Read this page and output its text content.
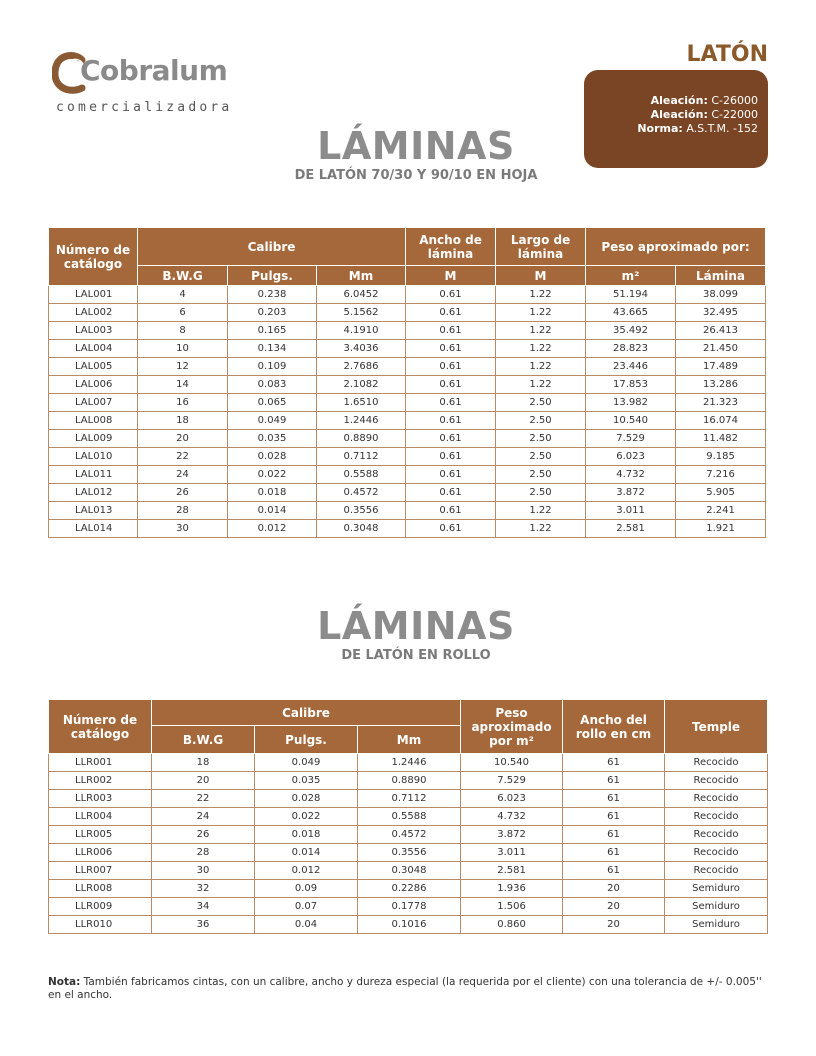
Cobralum
comercializadora
LATÓN
Aleación: C-26000
Aleación: C-22000
Norma: A.S.T.M. -152
LÁMINAS
DE LATÓN 70/30 Y 90/10 EN HOJA
Número de catálogo	Calibre			Ancho de lámina	Largo de lámina	Peso aproximado por:	
	B.W.G	Pulgs.	Mm	M	M	m²	Lámina
LAL001	4	0.238	6.0452	0.61	1.22	51.194	38.099
LAL002	6	0.203	5.1562	0.61	1.22	43.665	32.495
LAL003	8	0.165	4.1910	0.61	1.22	35.492	26.413
LAL004	10	0.134	3.4036	0.61	1.22	28.823	21.450
LAL005	12	0.109	2.7686	0.61	1.22	23.446	17.489
LAL006	14	0.083	2.1082	0.61	1.22	17.853	13.286
LAL007	16	0.065	1.6510	0.61	2.50	13.982	21.323
LAL008	18	0.049	1.2446	0.61	2.50	10.540	16.074
LAL009	20	0.035	0.8890	0.61	2.50	7.529	11.482
LAL010	22	0.028	0.7112	0.61	2.50	6.023	9.185
LAL011	24	0.022	0.5588	0.61	2.50	4.732	7.216
LAL012	26	0.018	0.4572	0.61	2.50	3.872	5.905
LAL013	28	0.014	0.3556	0.61	1.22	3.011	2.241
LAL014	30	0.012	0.3048	0.61	1.22	2.581	1.921
LÁMINAS
DE LATÓN EN ROLLO
Número de catálogo	Calibre			Peso aproximado por m²	Ancho del rollo en cm	Temple
	B.W.G	Pulgs.	Mm			
LLR001	18	0.049	1.2446	10.540	61	Recocido
LLR002	20	0.035	0.8890	7.529	61	Recocido
LLR003	22	0.028	0.7112	6.023	61	Recocido
LLR004	24	0.022	0.5588	4.732	61	Recocido
LLR005	26	0.018	0.4572	3.872	61	Recocido
LLR006	28	0.014	0.3556	3.011	61	Recocido
LLR007	30	0.012	0.3048	2.581	61	Recocido
LLR008	32	0.09	0.2286	1.936	20	Semiduro
LLR009	34	0.07	0.1778	1.506	20	Semiduro
LLR010	36	0.04	0.1016	0.860	20	Semiduro
Nota: También fabricamos cintas, con un calibre, ancho y dureza especial (la requerida por el cliente) con una tolerancia de +/- 0.005'' en el ancho.
